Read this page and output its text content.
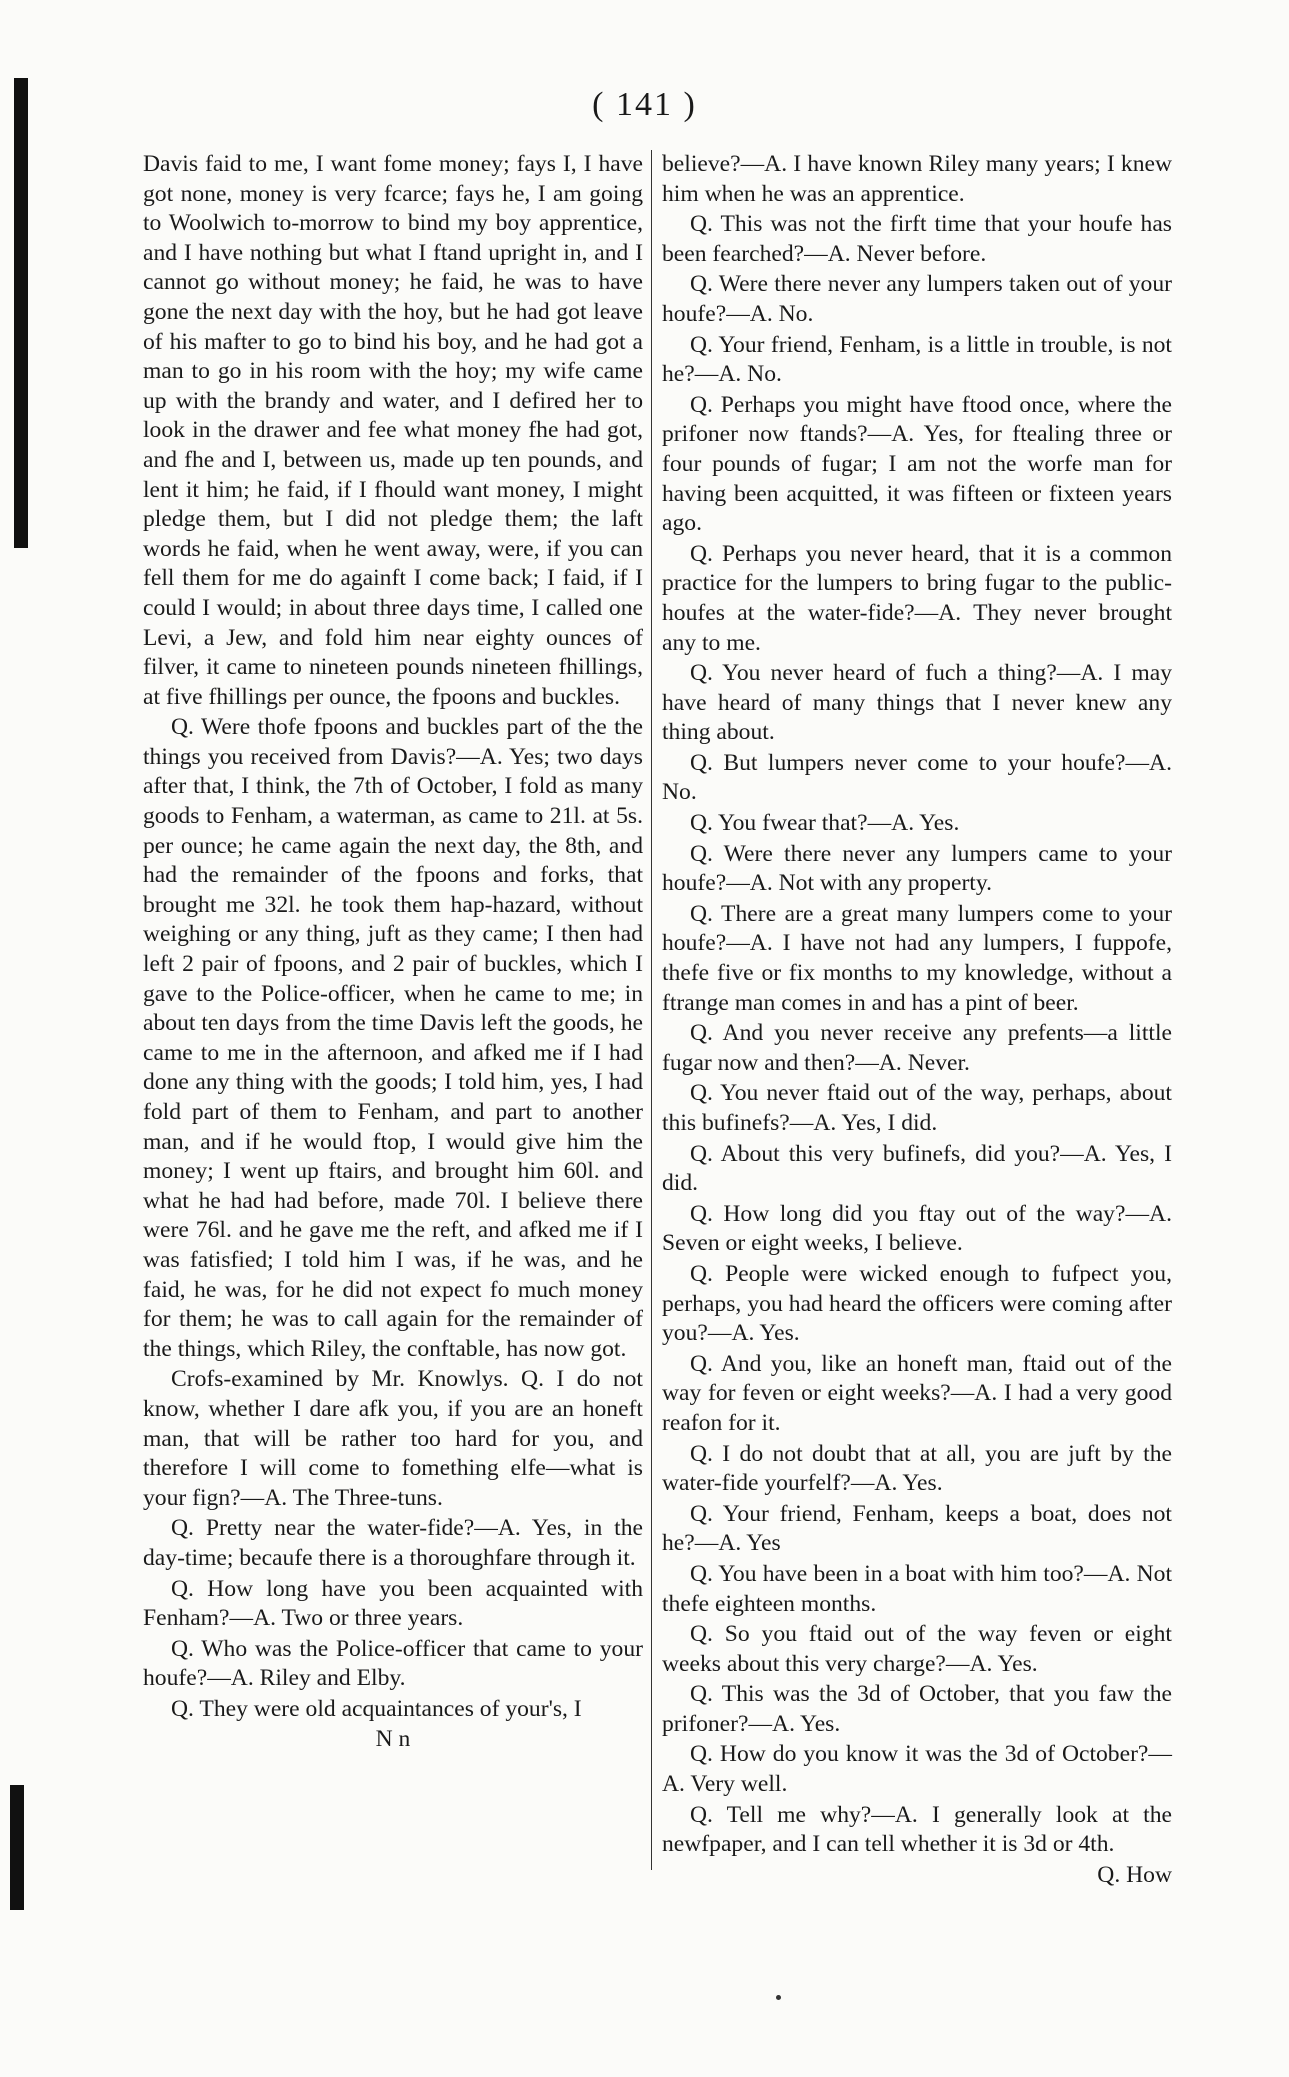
( 141 )

Davis faid to me, I want fome money; fays I, I have got none, money is very fcarce; fays he, I am going to Woolwich to-morrow to bind my boy apprentice, and I have nothing but what I ftand upright in, and I cannot go without money; he faid, he was to have gone the next day with the hoy, but he had got leave of his mafter to go to bind his boy, and he had got a man to go in his room with the hoy; my wife came up with the brandy and water, and I defired her to look in the drawer and fee what money fhe had got, and fhe and I, between us, made up ten pounds, and lent it him; he faid, if I fhould want money, I might pledge them, but I did not pledge them; the laft words he faid, when he went away, were, if you can fell them for me do againft I come back; I faid, if I could I would; in about three days time, I called one Levi, a Jew, and fold him near eighty ounces of filver, it came to nineteen pounds nineteen fhillings, at five fhillings per ounce, the fpoons and buckles.

Q. Were thofe fpoons and buckles part of the the things you received from Davis?—A. Yes; two days after that, I think, the 7th of October, I fold as many goods to Fenham, a waterman, as came to 21l. at 5s. per ounce; he came again the next day, the 8th, and had the remainder of the fpoons and forks, that brought me 32l. he took them hap-hazard, without weighing or any thing, juft as they came; I then had left 2 pair of fpoons, and 2 pair of buckles, which I gave to the Police-officer, when he came to me; in about ten days from the time Davis left the goods, he came to me in the afternoon, and afked me if I had done any thing with the goods; I told him, yes, I had fold part of them to Fenham, and part to another man, and if he would ftop, I would give him the money; I went up ftairs, and brought him 60l. and what he had had before, made 70l. I believe there were 76l. and he gave me the reft, and afked me if I was fatisfied; I told him I was, if he was, and he faid, he was, for he did not expect fo much money for them; he was to call again for the remainder of the things, which Riley, the conftable, has now got.

Crofs-examined by Mr. Knowlys. Q. I do not know, whether I dare afk you, if you are an honeft man, that will be rather too hard for you, and therefore I will come to fomething elfe—what is your fign?—A. The Three-tuns.

Q. Pretty near the water-fide?—A. Yes, in the day-time; becaufe there is a thoroughfare through it.

Q. How long have you been acquainted with Fenham?—A. Two or three years.

Q. Who was the Police-officer that came to your houfe?—A. Riley and Elby.

Q. They were old acquaintances of your's, I

N n

believe?—A. I have known Riley many years; I knew him when he was an apprentice.

Q. This was not the firft time that your houfe has been fearched?—A. Never before.

Q. Were there never any lumpers taken out of your houfe?—A. No.

Q. Your friend, Fenham, is a little in trouble, is not he?—A. No.

Q. Perhaps you might have ftood once, where the prifoner now ftands?—A. Yes, for ftealing three or four pounds of fugar; I am not the worfe man for having been acquitted, it was fifteen or fixteen years ago.

Q. Perhaps you never heard, that it is a common practice for the lumpers to bring fugar to the public-houfes at the water-fide?—A. They never brought any to me.

Q. You never heard of fuch a thing?—A. I may have heard of many things that I never knew any thing about.

Q. But lumpers never come to your houfe?—A. No.

Q. You fwear that?—A. Yes.

Q. Were there never any lumpers came to your houfe?—A. Not with any property.

Q. There are a great many lumpers come to your houfe?—A. I have not had any lumpers, I fuppofe, thefe five or fix months to my knowledge, without a ftrange man comes in and has a pint of beer.

Q. And you never receive any prefents—a little fugar now and then?—A. Never.

Q. You never ftaid out of the way, perhaps, about this bufinefs?—A. Yes, I did.

Q. About this very bufinefs, did you?—A. Yes, I did.

Q. How long did you ftay out of the way?—A. Seven or eight weeks, I believe.

Q. People were wicked enough to fufpect you, perhaps, you had heard the officers were coming after you?—A. Yes.

Q. And you, like an honeft man, ftaid out of the way for feven or eight weeks?—A. I had a very good reafon for it.

Q. I do not doubt that at all, you are juft by the water-fide yourfelf?—A. Yes.

Q. Your friend, Fenham, keeps a boat, does not he?—A. Yes

Q. You have been in a boat with him too?—A. Not thefe eighteen months.

Q. So you ftaid out of the way feven or eight weeks about this very charge?—A. Yes.

Q. This was the 3d of October, that you faw the prifoner?—A. Yes.

Q. How do you know it was the 3d of October?—A. Very well.

Q. Tell me why?—A. I generally look at the newfpaper, and I can tell whether it is 3d or 4th.

Q. How
